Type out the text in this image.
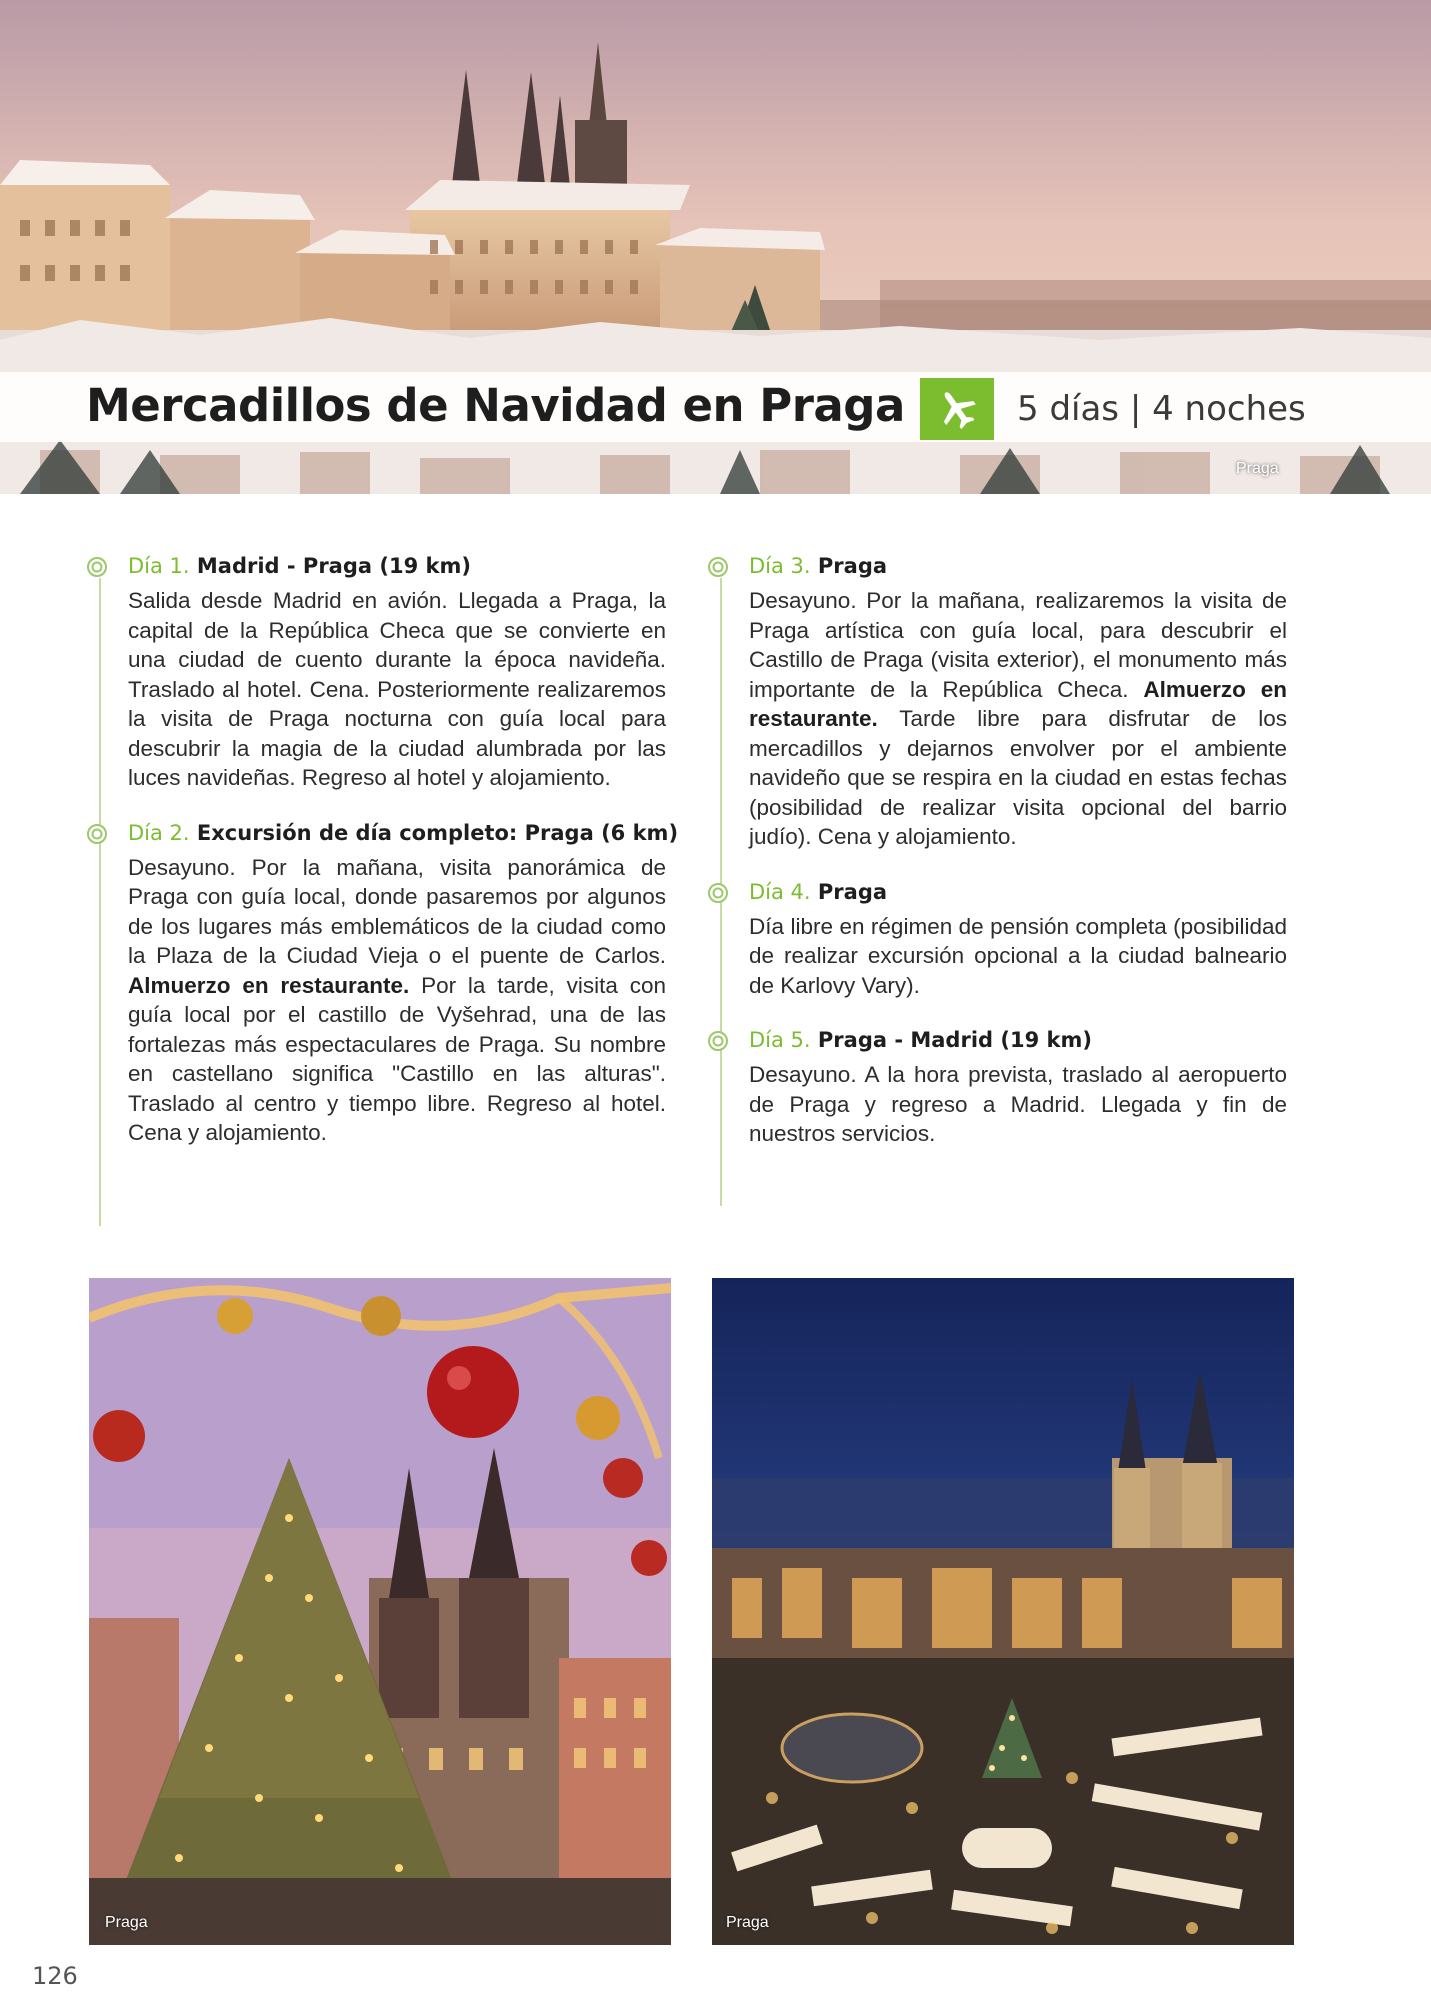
Praga
Mercadillos de Navidad en Praga	5 días | 4 noches

Día 1. Madrid - Praga (19 km)

Salida desde Madrid en avión. Llegada a Praga, la capital de la República Checa que se convierte en una ciudad de cuento durante la época navideña. Traslado al hotel. Cena. Posteriormente realizaremos la visita de Praga nocturna con guía local para descubrir la magia de la ciudad alumbrada por las luces navideñas. Regreso al hotel y alojamiento.

Día 2. Excursión de día completo: Praga (6 km)

Desayuno. Por la mañana, visita panorámica de Praga con guía local, donde pasaremos por algunos de los lugares más emblemáticos de la ciudad como la Plaza de la Ciudad Vieja o el puente de Carlos. Almuerzo en restaurante. Por la tarde, visita con guía local por el castillo de Vyšehrad, una de las fortalezas más espectaculares de Praga. Su nombre en castellano significa "Castillo en las alturas". Traslado al centro y tiempo libre. Regreso al hotel. Cena y alojamiento.

Día 3. Praga

Desayuno. Por la mañana, realizaremos la visita de Praga artística con guía local, para descubrir el Castillo de Praga (visita exterior), el monumento más importante de la República Checa. Almuerzo en restaurante. Tarde libre para disfrutar de los mercadillos y dejarnos envolver por el ambiente navideño que se respira en la ciudad en estas fechas (posibilidad de realizar visita opcional del barrio judío). Cena y alojamiento.

Día 4. Praga

Día libre en régimen de pensión completa (posibilidad de realizar excursión opcional a la ciudad balneario de Karlovy Vary).

Día 5. Praga - Madrid (19 km)

Desayuno. A la hora prevista, traslado al aeropuerto de Praga y regreso a Madrid. Llegada y fin de nuestros servicios.

Praga	Praga
126
